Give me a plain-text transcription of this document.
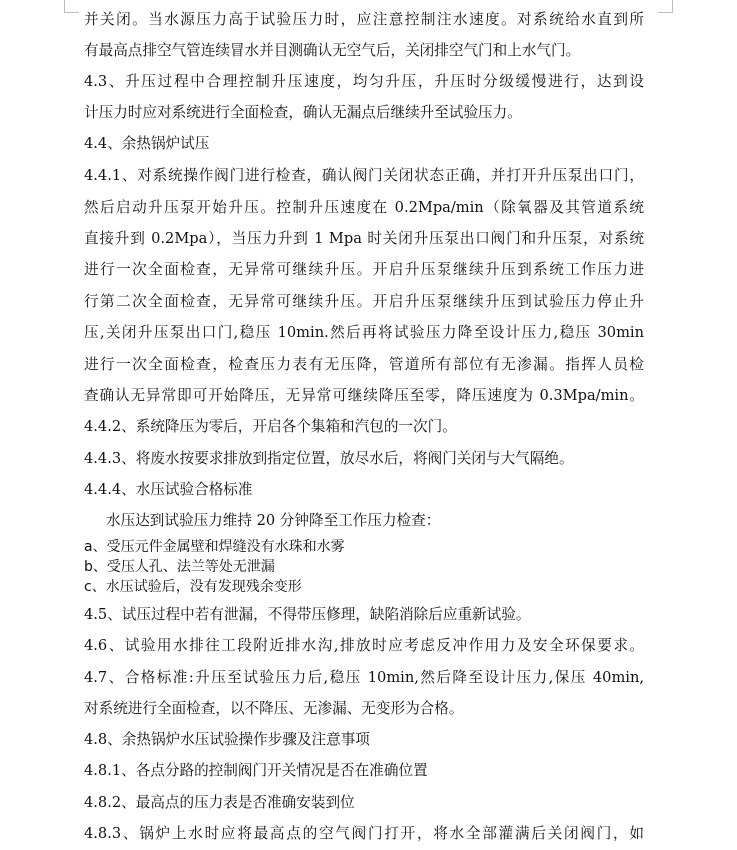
并关闭。当水源压力高于试验压力时，应注意控制注水速度。对系统给水直到所
有最高点排空气管连续冒水并目测确认无空气后，关闭排空气门和上水气门。
4.3、升压过程中合理控制升压速度，均匀升压，升压时分级缓慢进行，达到设
计压力时应对系统进行全面检查，确认无漏点后继续升至试验压力。
4.4、余热锅炉试压
4.4.1、对系统操作阀门进行检查，确认阀门关闭状态正确，并打开升压泵出口门，
然后启动升压泵开始升压。控制升压速度在 0.2Mpa/min（除氧器及其管道系统
直接升到 0.2Mpa），当压力升到 1 Mpa 时关闭升压泵出口阀门和升压泵，对系统
进行一次全面检查，无异常可继续升压。开启升压泵继续升压到系统工作压力进
行第二次全面检查，无异常可继续升压。开启升压泵继续升压到试验压力停止升
压,关闭升压泵出口门,稳压 10min.然后再将试验压力降至设计压力,稳压 30min
进行一次全面检查，检查压力表有无压降，管道所有部位有无渗漏。指挥人员检
查确认无异常即可开始降压，无异常可继续降压至零，降压速度为 0.3Mpa/min。
4.4.2、系统降压为零后，开启各个集箱和汽包的一次门。
4.4.3、将废水按要求排放到指定位置，放尽水后，将阀门关闭与大气隔绝。
4.4.4、水压试验合格标准
水压达到试验压力维持 20 分钟降至工作压力检查：
a、受压元件金属壁和焊缝没有水珠和水雾
b、受压人孔、法兰等处无泄漏
c、水压试验后，没有发现残余变形
4.5、试压过程中若有泄漏，不得带压修理，缺陷消除后应重新试验。
4.6、试验用水排往工段附近排水沟,排放时应考虑反冲作用力及安全环保要求。
4.7、合格标准:升压至试验压力后,稳压 10min,然后降至设计压力,保压 40min,
对系统进行全面检查，以不降压、无渗漏、无变形为合格。
4.8、余热锅炉水压试验操作步骤及注意事项
4.8.1、各点分路的控制阀门开关情况是否在准确位置
4.8.2、最高点的压力表是否准确安装到位
4.8.3、锅炉上水时应将最高点的空气阀门打开，将水全部灌满后关闭阀门，如
